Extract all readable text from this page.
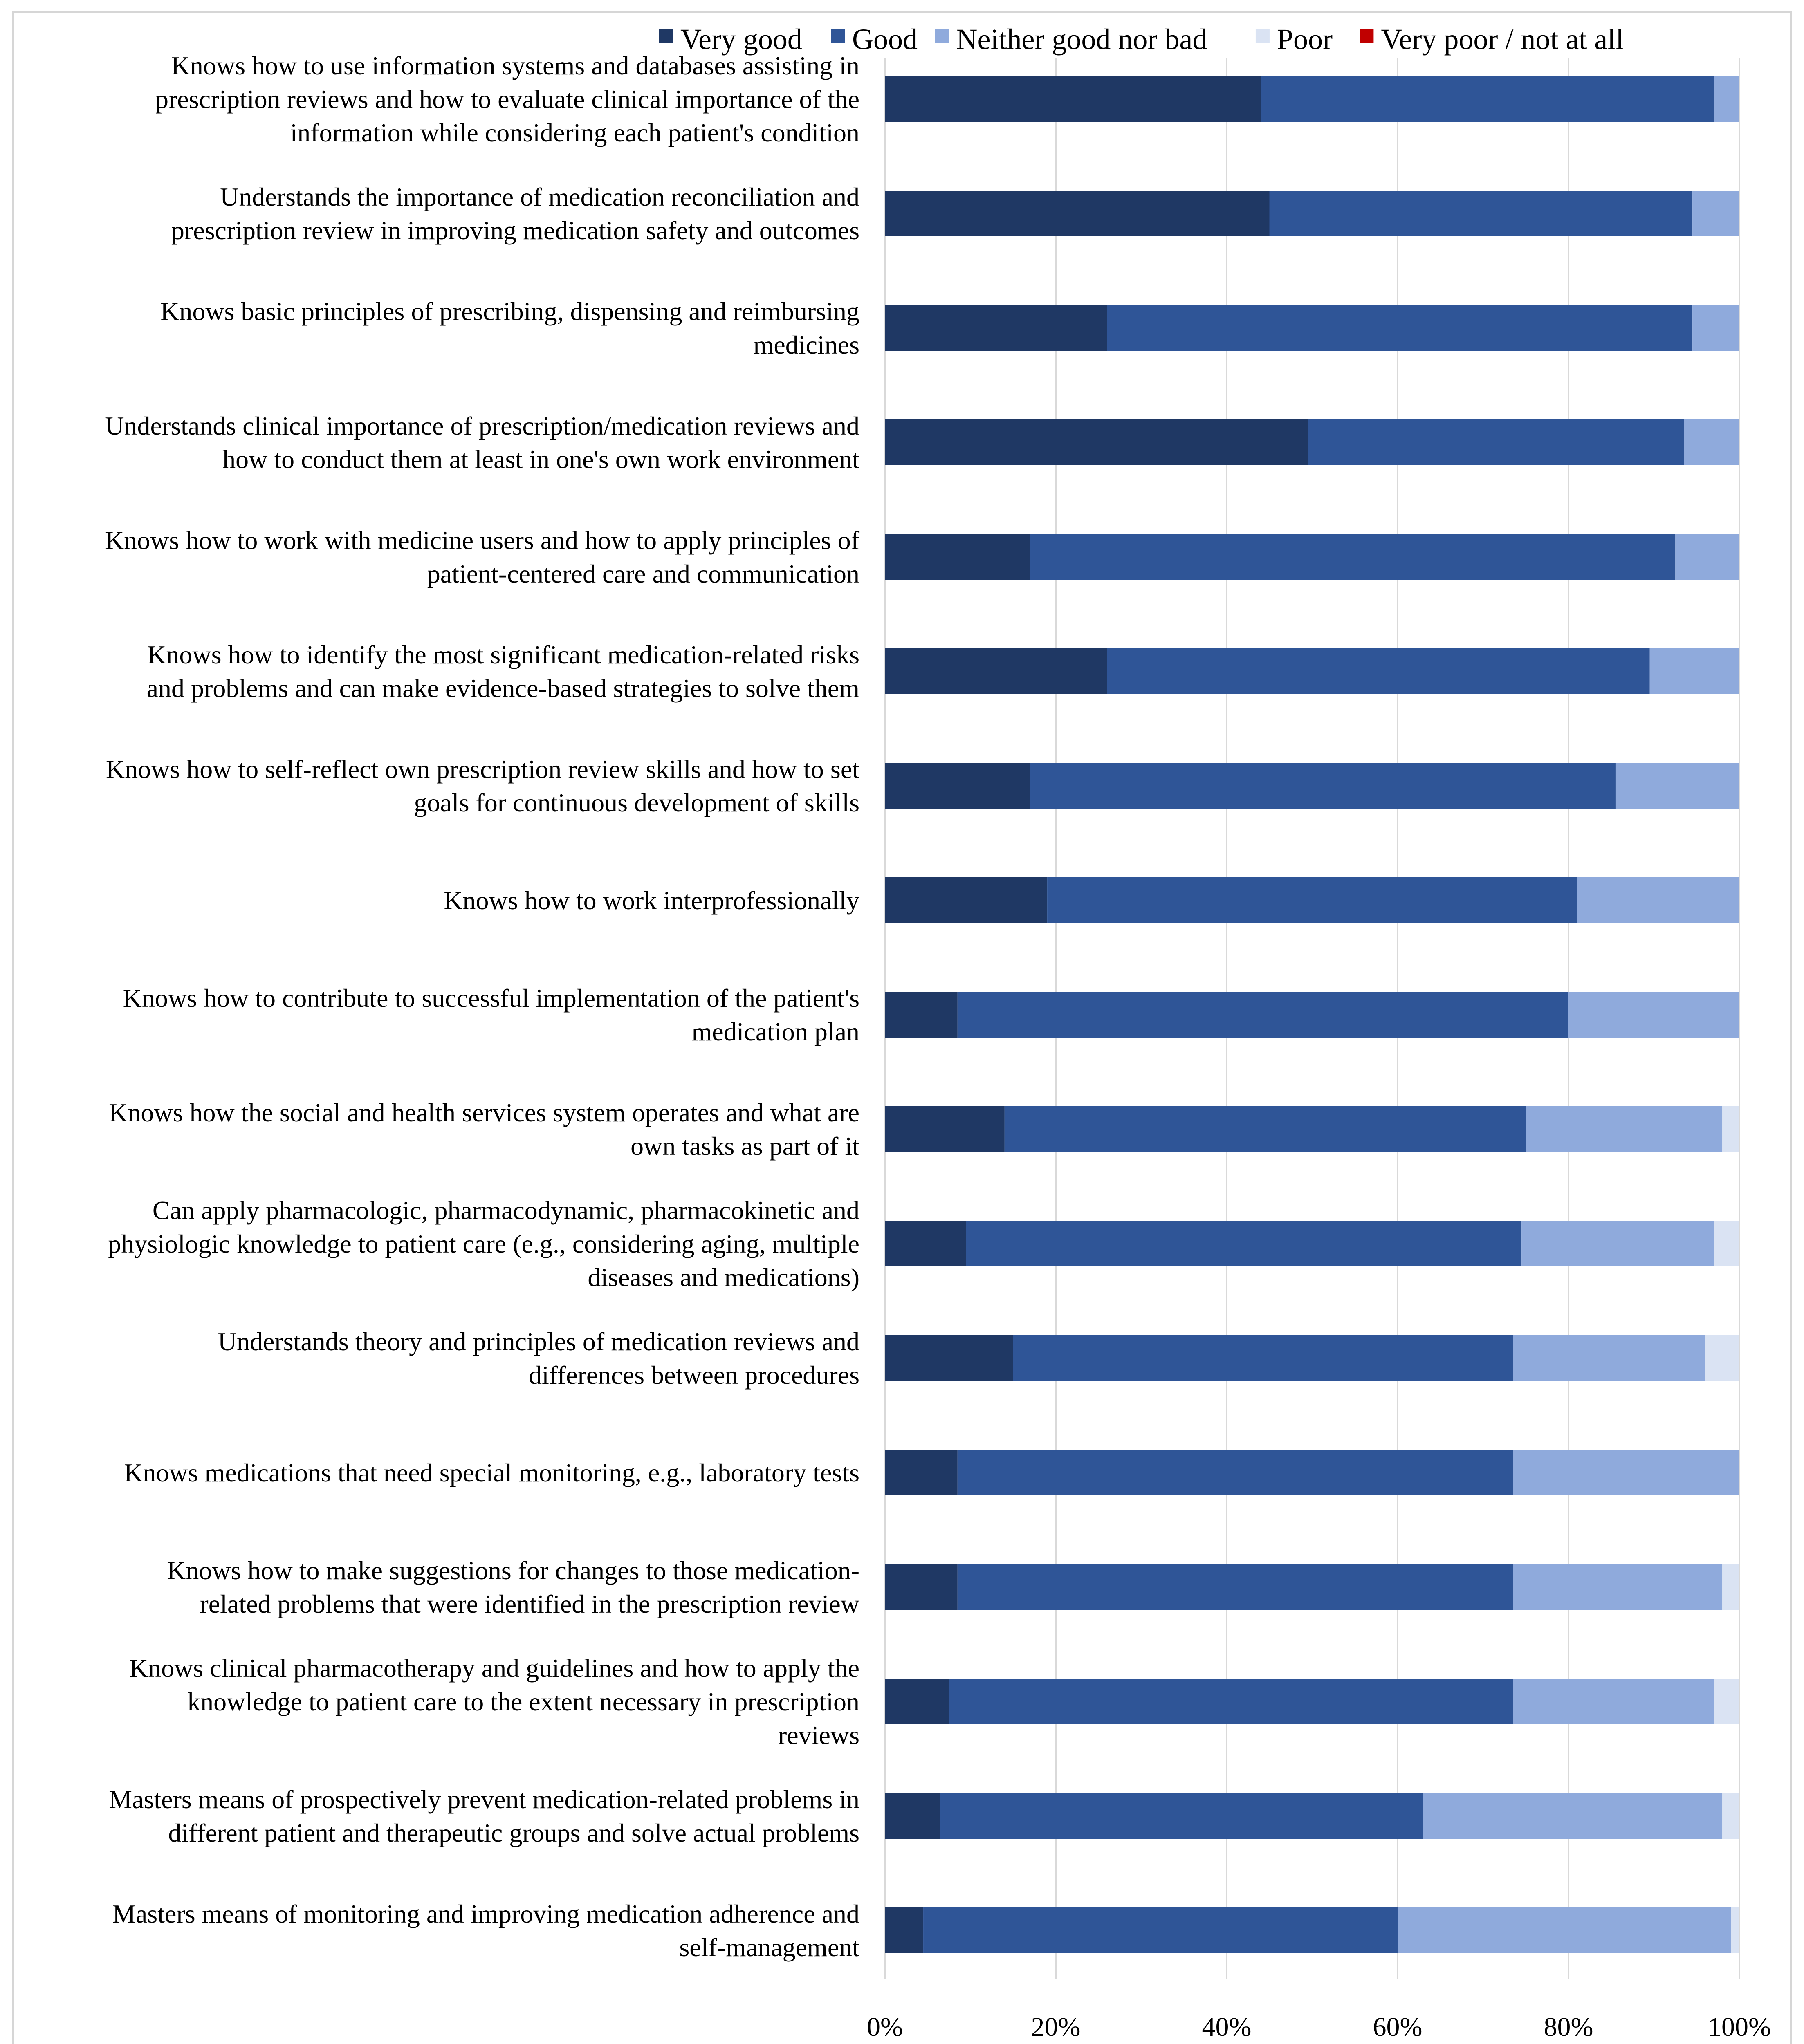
Knows how to use information systems and databases assisting in prescription reviews and how to evaluate clinical importance of the information while considering each patient's condition
Understands the importance of medication reconciliation and prescription review in improving medication safety and outcomes
Knows basic principles of prescribing, dispensing and reimbursing medicines
Understands clinical importance of prescription/medication reviews and how to conduct them at least in one's own work environment
Knows how to work with medicine users and how to apply principles of patient-centered care and communication
Knows how to identify the most significant medication-related risks and problems and can make evidence-based strategies to solve them
Knows how to self-reflect own prescription review skills and how to set goals for continuous development of skills
Knows how to work interprofessionally
Knows how to contribute to successful implementation of the patient's medication plan
Knows how the social and health services system operates and what are own tasks as part of it
Can apply pharmacologic, pharmacodynamic, pharmacokinetic and physiologic knowledge to patient care (e.g., considering aging, multiple diseases and medications)
Understands theory and principles of medication reviews and differences between procedures
Knows medications that need special monitoring, e.g., laboratory tests
Knows how to make suggestions for changes to those medication-related problems that were identified in the prescription review
Knows clinical pharmacotherapy and guidelines and how to apply the knowledge to patient care to the extent necessary in prescription reviews
Masters means of prospectively prevent medication-related problems in different patient and therapeutic groups and solve actual problems
Masters means of monitoring and improving medication adherence and self-management
0%	20%	40%	60%	80%	100%
Very good Good Neither good nor bad Poor Very poor / not at all
